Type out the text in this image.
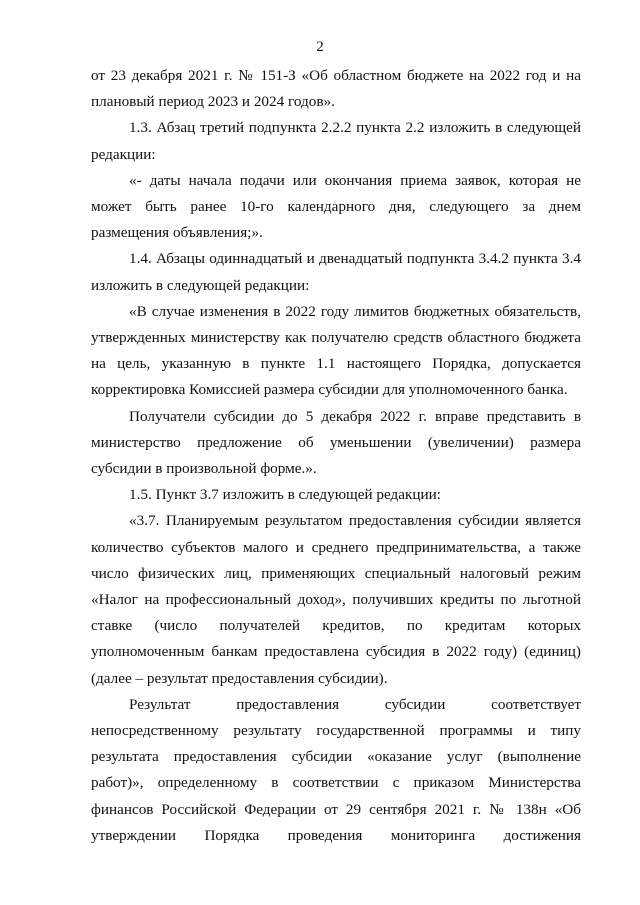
2

от 23 декабря 2021 г. № 151-З «Об областном бюджете на 2022 год и на плановый период 2023 и 2024 годов».

1.3. Абзац третий подпункта 2.2.2 пункта 2.2 изложить в следующей редакции:

«- даты начала подачи или окончания приема заявок, которая не может быть ранее 10-го календарного дня, следующего за днем размещения объявления;».

1.4. Абзацы одиннадцатый и двенадцатый подпункта 3.4.2 пункта 3.4 изложить в следующей редакции:

«В случае изменения в 2022 году лимитов бюджетных обязательств, утвержденных министерству как получателю средств областного бюджета на цель, указанную в пункте 1.1 настоящего Порядка, допускается корректировка Комиссией размера субсидии для уполномоченного банка.

Получатели субсидии до 5 декабря 2022 г. вправе представить в министерство предложение об уменьшении (увеличении) размера субсидии в произвольной форме.».

1.5. Пункт 3.7 изложить в следующей редакции:

«3.7. Планируемым результатом предоставления субсидии является количество субъектов малого и среднего предпринимательства, а также число физических лиц, применяющих специальный налоговый режим «Налог на профессиональный доход», получивших кредиты по льготной ставке (число получателей кредитов, по кредитам которых уполномоченным банкам предоставлена субсидия в 2022 году) (единиц) (далее – результат предоставления субсидии).

Результат предоставления субсидии соответствует непосредственному результату государственной программы и типу результата предоставления субсидии «оказание услуг (выполнение работ)», определенному в соответствии с приказом Министерства финансов Российской Федерации от 29 сентября 2021 г. № 138н «Об утверждении Порядка проведения мониторинга достижения
